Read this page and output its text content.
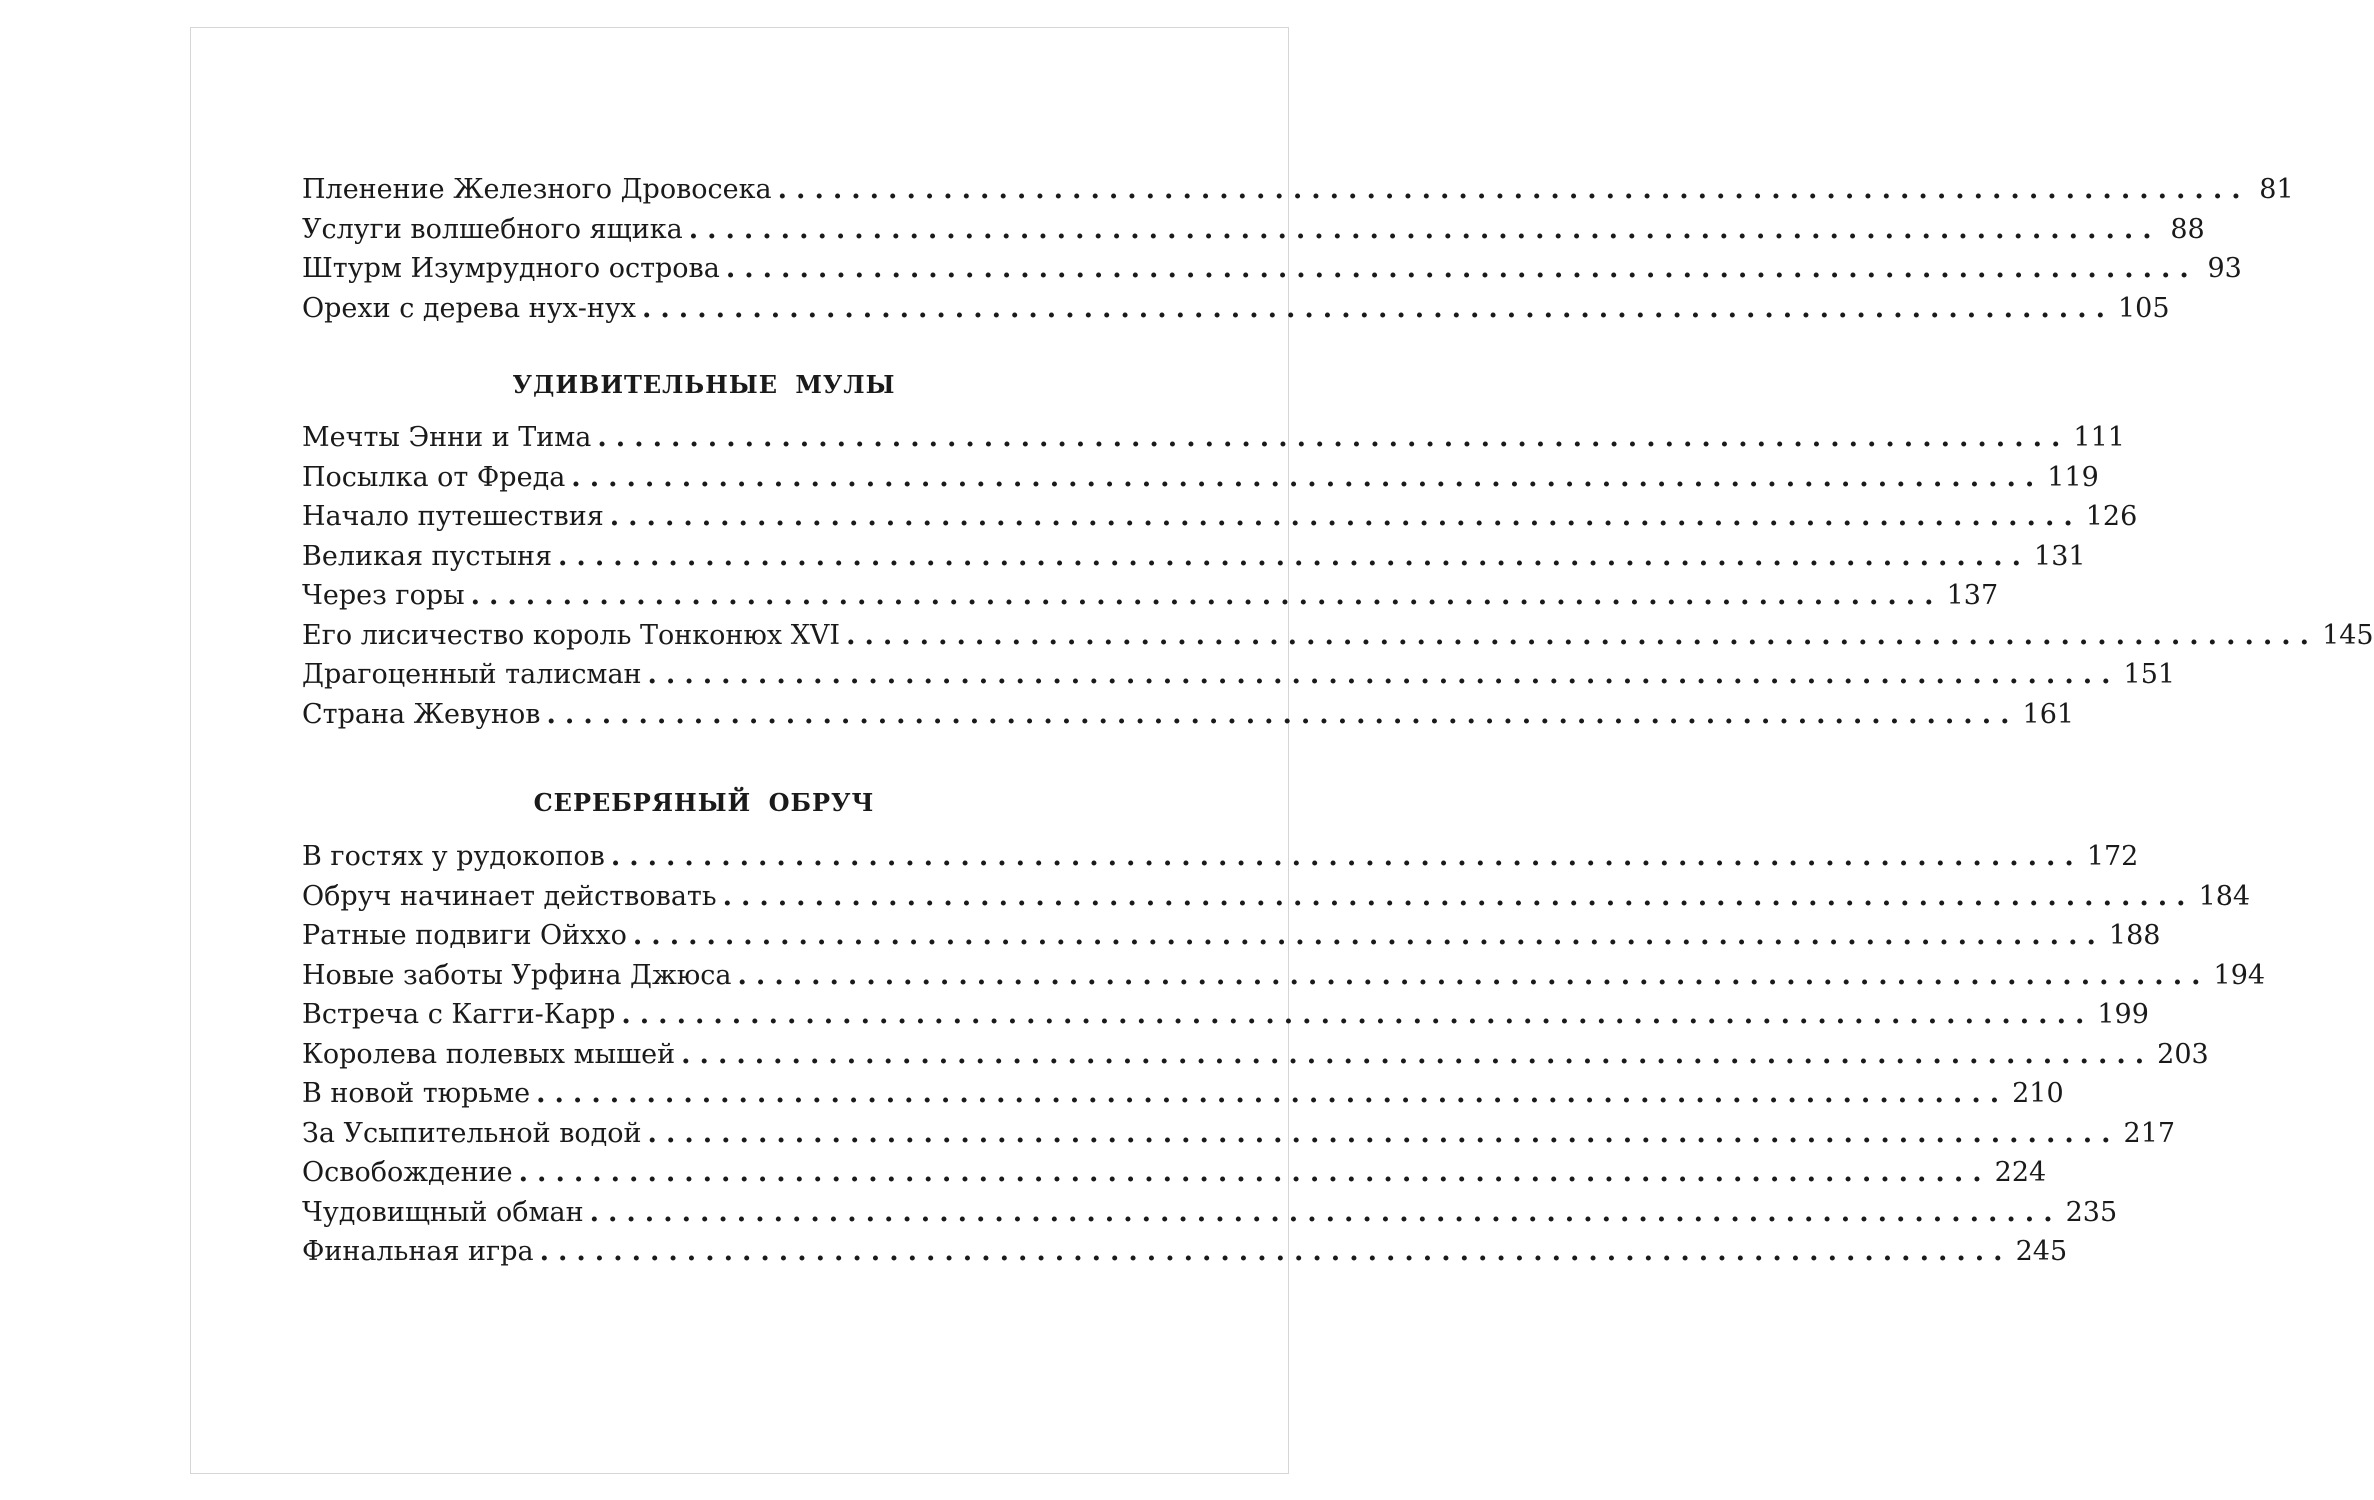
Пленение Железного Дровосека ................................................................................ 81
Услуги волшебного ящика ................................................................................ 88
Штурм Изумрудного острова ................................................................................ 93
Орехи с дерева нух-нух ................................................................................ 105
УДИВИТЕЛЬНЫЕ МУЛЫ
Мечты Энни и Тима ................................................................................ 111
Посылка от Фреда ................................................................................ 119
Начало путешествия ................................................................................ 126
Великая пустыня ................................................................................ 131
Через горы ................................................................................ 137
Его лисичество король Тонконюх XVI ................................................................................ 145
Драгоценный талисман ................................................................................ 151
Страна Жевунов ................................................................................ 161
СЕРЕБРЯНЫЙ ОБРУЧ
В гостях у рудокопов ................................................................................ 172
Обруч начинает действовать ................................................................................ 184
Ратные подвиги Ойххо ................................................................................ 188
Новые заботы Урфина Джюса ................................................................................ 194
Встреча с Кагги-Карр ................................................................................ 199
Королева полевых мышей ................................................................................ 203
В новой тюрьме ................................................................................ 210
За Усыпительной водой ................................................................................ 217
Освобождение ................................................................................ 224
Чудовищный обман ................................................................................ 235
Финальная игра ................................................................................ 245
